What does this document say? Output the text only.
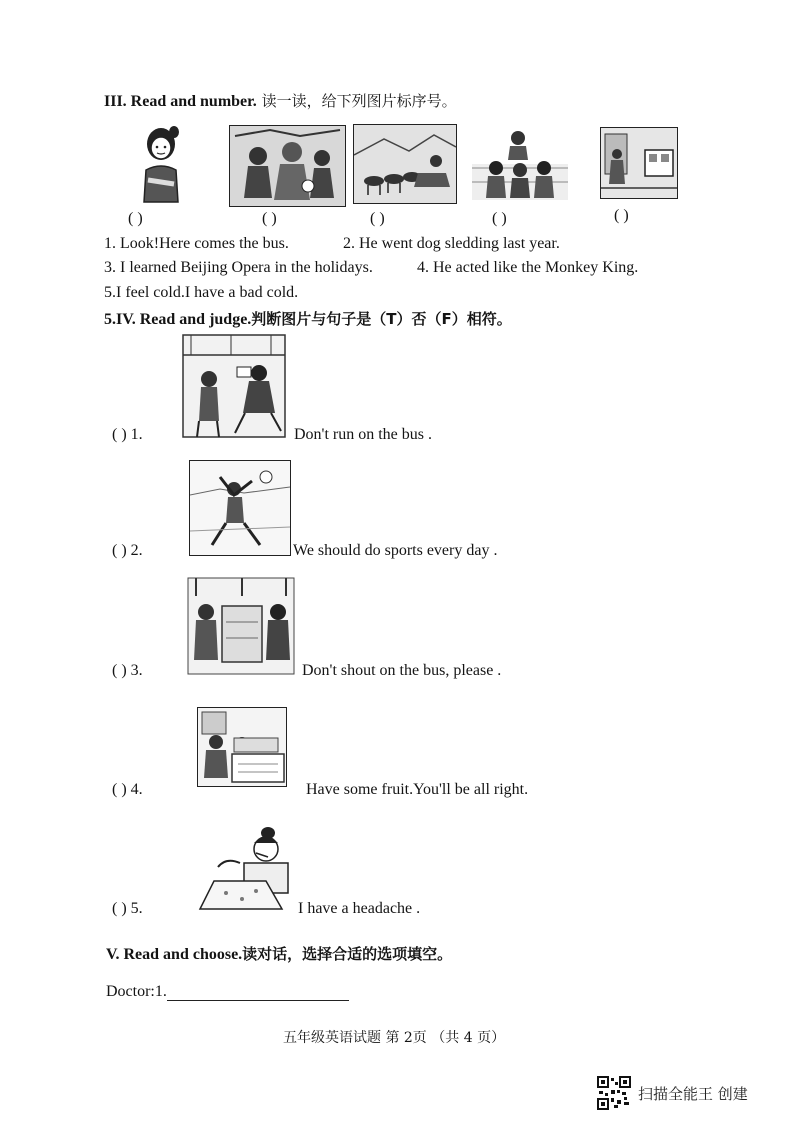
III. Read and number. 读一读，给下列图片标序号。
( )	( )	( )	( )	( )
1. Look!Here comes the bus.	2. He went dog sledding last year.
3. I learned Beijing Opera in the holidays.	4. He acted like the Monkey King.
5.I feel cold.I have a bad cold.
5.IV. Read and judge.判断图片与句子是（T）否（F）相符。
( ) 1.	Don't run on the bus .
( ) 2.	We should do sports every day .
( ) 3.	Don't shout on the bus, please .
( ) 4.	Have some fruit.You'll be all right.
( ) 5.	I have a headache .
V. Read and choose.读对话，选择合适的选项填空。
Doctor:1.
五年级英语试题 第 2页 （共 4 页）
扫描全能王 创建
